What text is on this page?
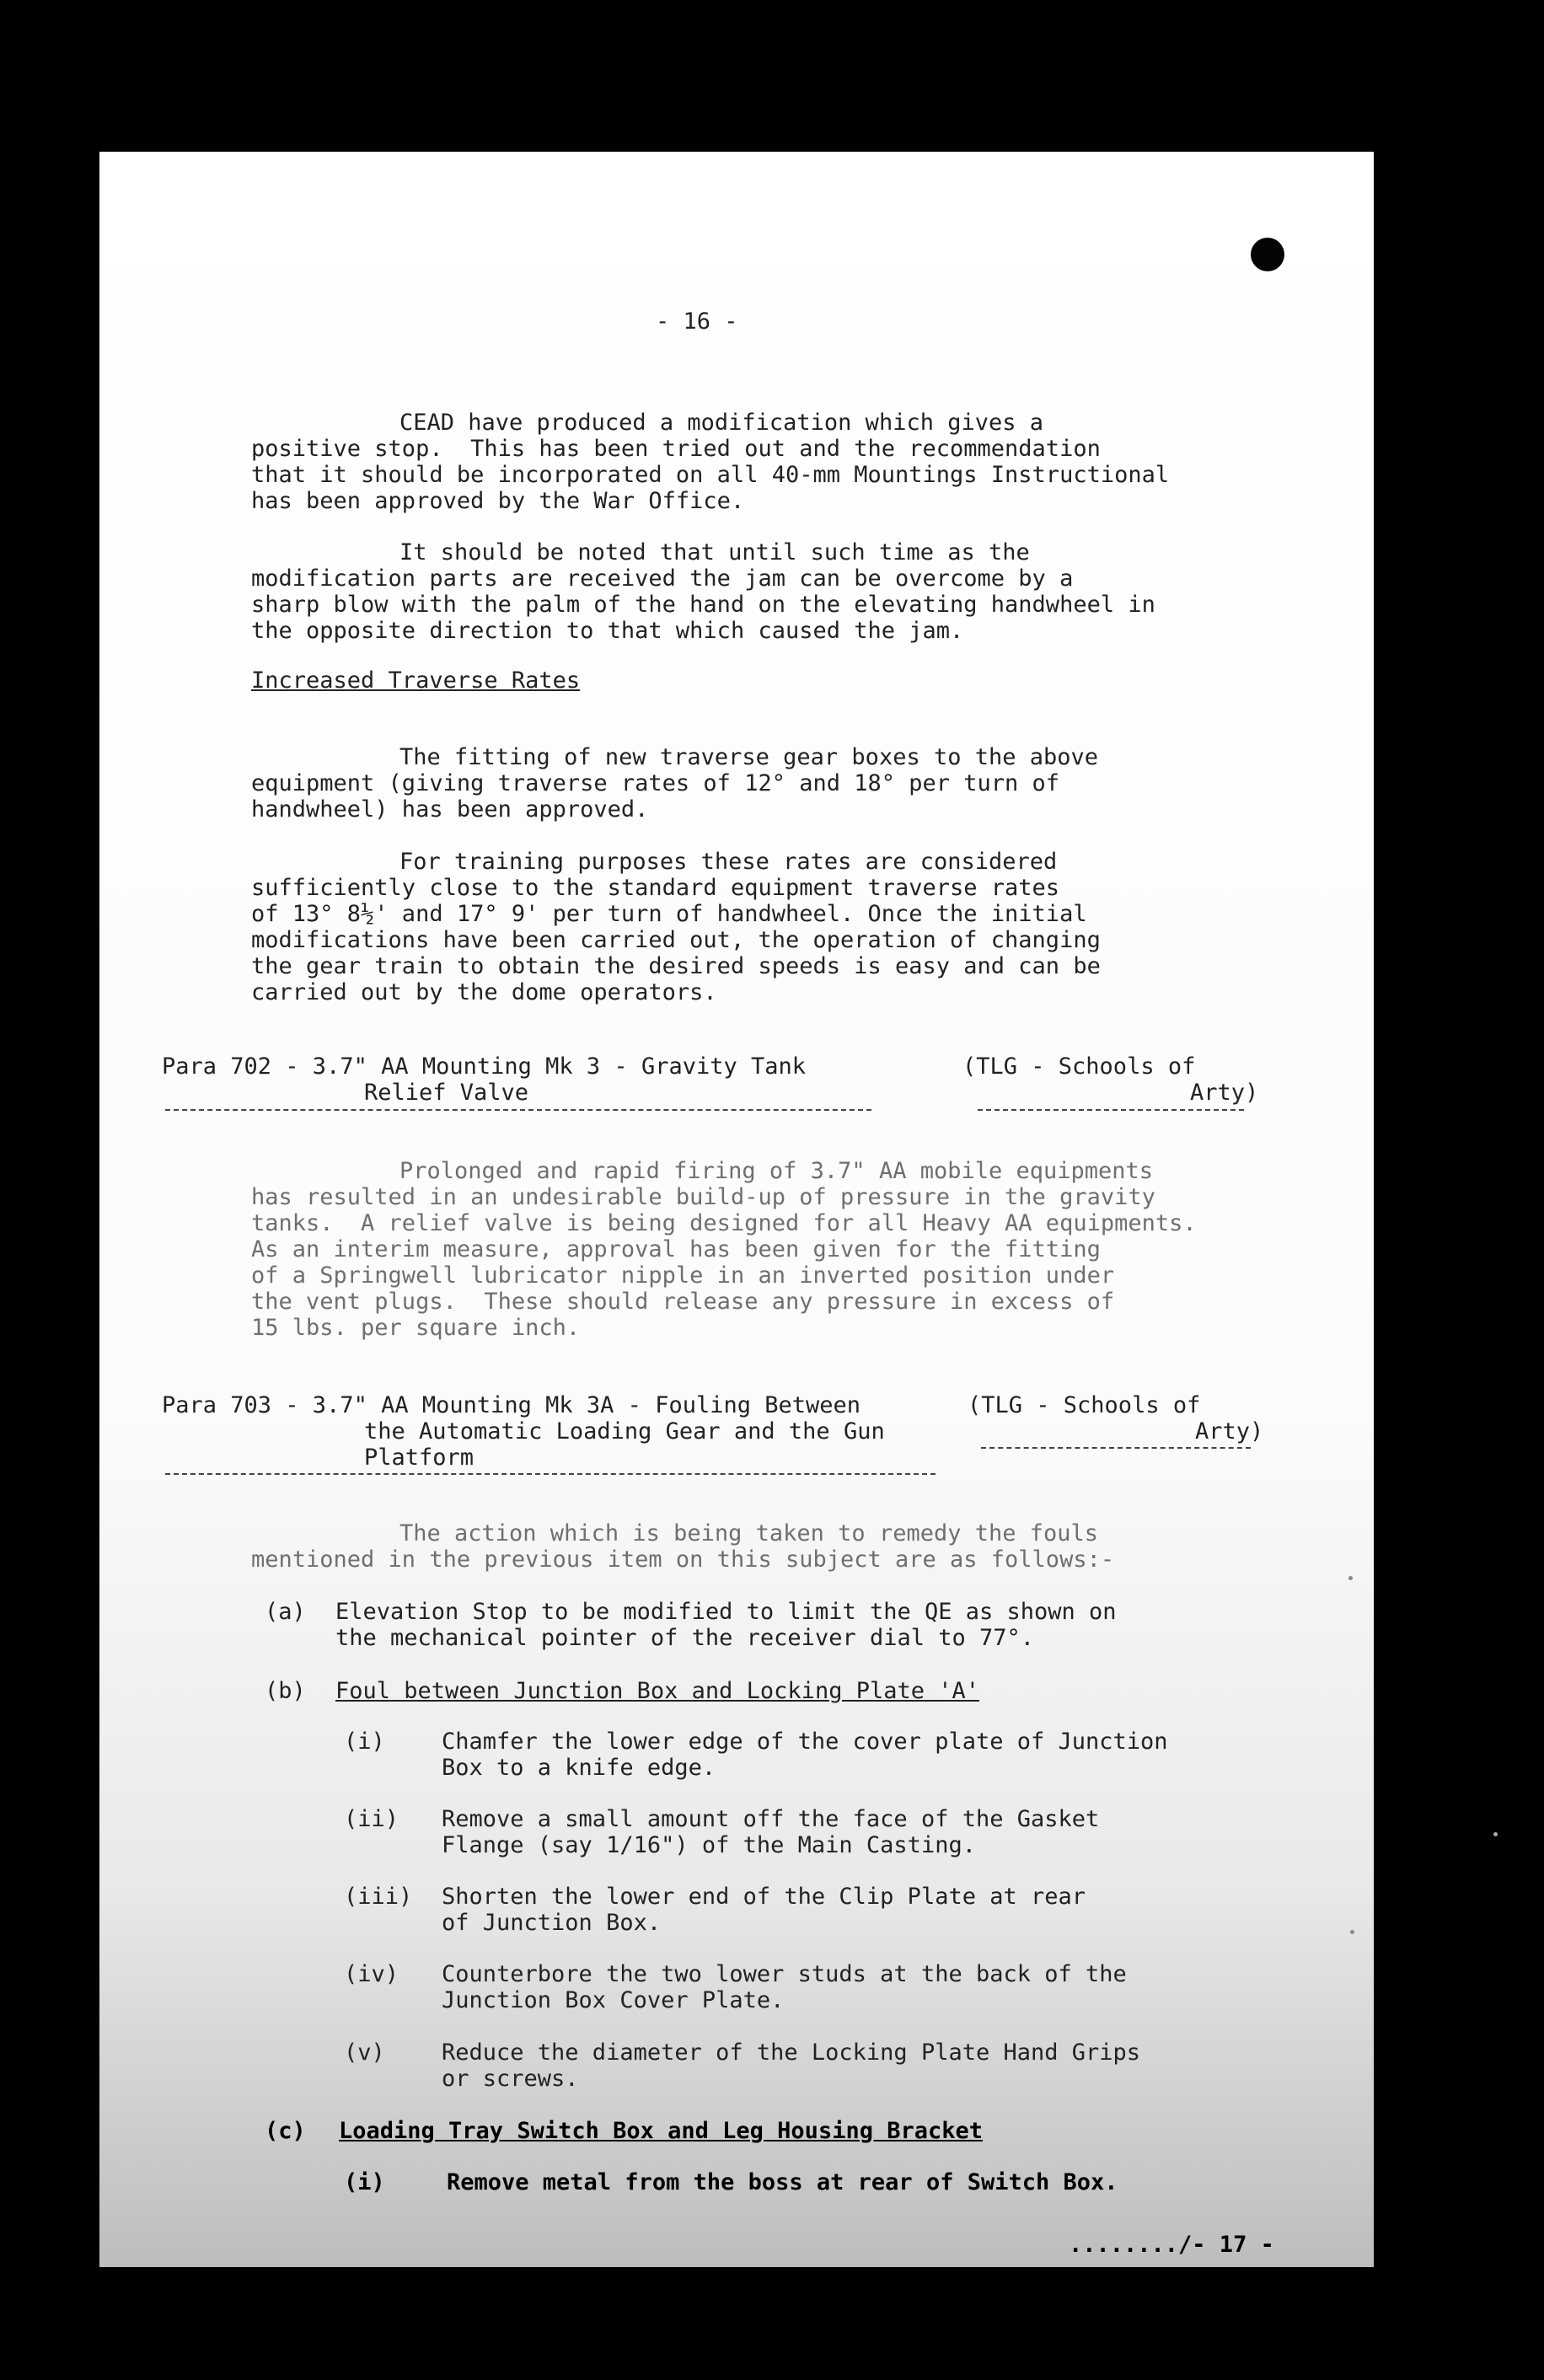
- 16 -

CEAD have produced a modification which gives a

positive stop.  This has been tried out and the recommendation

that it should be incorporated on all 40-mm Mountings Instructional

has been approved by the War Office.

It should be noted that until such time as the

modification parts are received the jam can be overcome by a

sharp blow with the palm of the hand on the elevating handwheel in

the opposite direction to that which caused the jam.

Increased Traverse Rates

The fitting of new traverse gear boxes to the above

equipment (giving traverse rates of 12° and 18° per turn of

handwheel) has been approved.

For training purposes these rates are considered

sufficiently close to the standard equipment traverse rates

of 13° 8½' and 17° 9' per turn of handwheel. Once the initial

modifications have been carried out, the operation of changing

the gear train to obtain the desired speeds is easy and can be

carried out by the dome operators.

Para 702 - 3.7" AA Mounting Mk 3 - Gravity Tank

Relief Valve

(TLG - Schools of

Arty)

Prolonged and rapid firing of 3.7" AA mobile equipments

has resulted in an undesirable build-up of pressure in the gravity

tanks.  A relief valve is being designed for all Heavy AA equipments.

As an interim measure, approval has been given for the fitting

of a Springwell lubricator nipple in an inverted position under

the vent plugs.  These should release any pressure in excess of

15 lbs. per square inch.

Para 703 - 3.7" AA Mounting Mk 3A - Fouling Between

the Automatic Loading Gear and the Gun

Platform

(TLG - Schools of

Arty)

The action which is being taken to remedy the fouls

mentioned in the previous item on this subject are as follows:-

(a) Elevation Stop to be modified to limit the QE as shown on

the mechanical pointer of the receiver dial to 77°.

(b) Foul between Junction Box and Locking Plate 'A'

(i) Chamfer the lower edge of the cover plate of Junction

Box to a knife edge.

(ii) Remove a small amount off the face of the Gasket

Flange (say 1/16") of the Main Casting.

(iii) Shorten the lower end of the Clip Plate at rear

of Junction Box.

(iv) Counterbore the two lower studs at the back of the

Junction Box Cover Plate.

(v) Reduce the diameter of the Locking Plate Hand Grips

or screws.

(c) Loading Tray Switch Box and Leg Housing Bracket

(i)	Remove metal from the boss at rear of Switch Box.

......../- 17 -
